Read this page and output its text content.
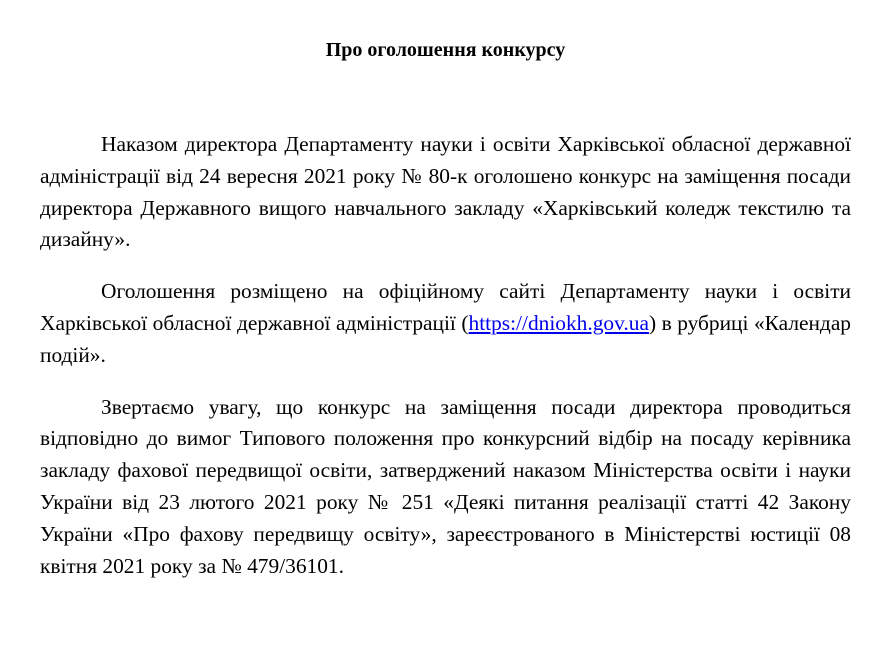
Про оголошення конкурсу

Наказом директора Департаменту науки і освіти Харківської обласної державної адміністрації від 24 вересня 2021 року № 80-к оголошено конкурс на заміщення посади директора Державного вищого навчального закладу «Харківський коледж текстилю та дизайну».

Оголошення розміщено на офіційному сайті Департаменту науки і освіти Харківської обласної державної адміністрації (https://dniokh.gov.ua) в рубриці «Календар подій».

Звертаємо увагу, що конкурс на заміщення посади директора проводиться відповідно до вимог Типового положення про конкурсний відбір на посаду керівника закладу фахової передвищої освіти, затверджений наказом Міністерства освіти і науки України від 23 лютого 2021 року № 251 «Деякі питання реалізації статті 42 Закону України «Про фахову передвищу освіту», зареєстрованого в Міністерстві юстиції 08 квітня 2021 року за № 479/36101.
